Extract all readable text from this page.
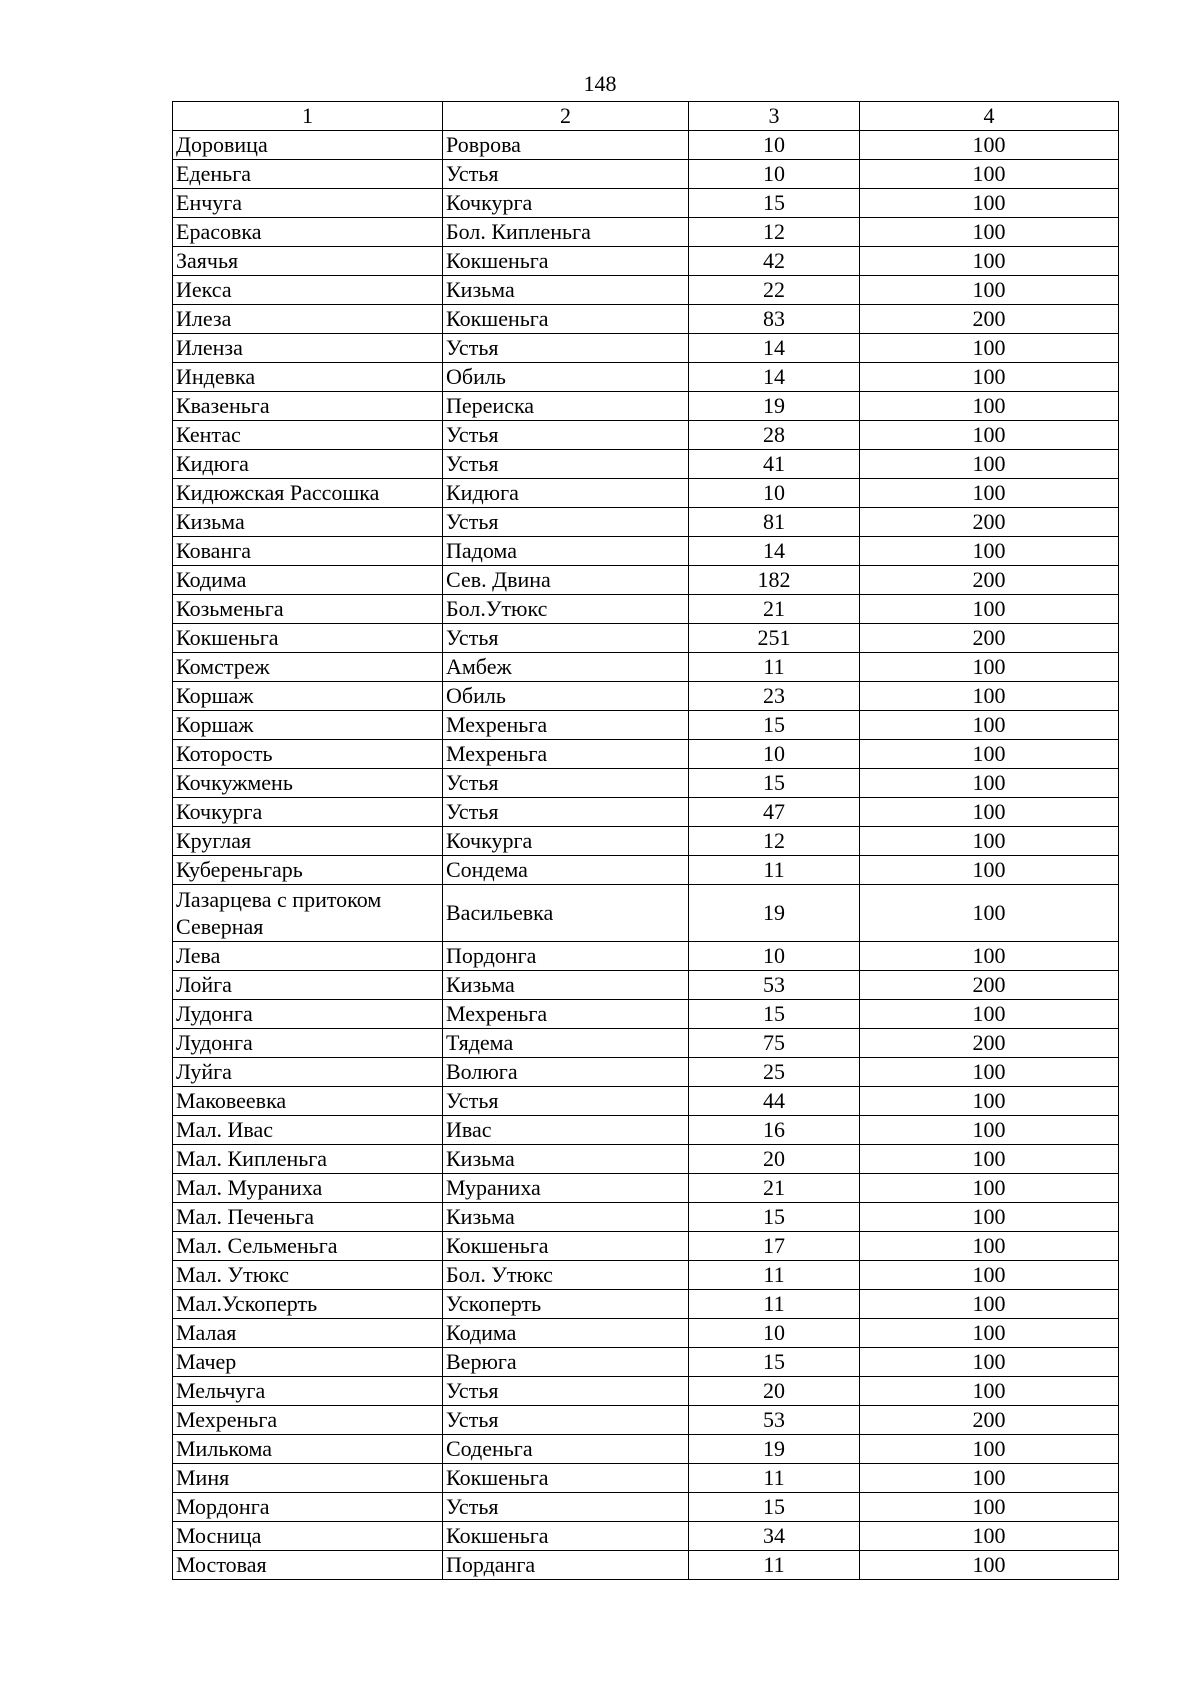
148
1	2	3	4
Доровица	Роврова	10	100
Еденьга	Устья	10	100
Енчуга	Кочкурга	15	100
Ерасовка	Бол. Кипленьга	12	100
Заячья	Кокшеньга	42	100
Иекса	Кизьма	22	100
Илеза	Кокшеньга	83	200
Иленза	Устья	14	100
Индевка	Обиль	14	100
Квазеньга	Переиска	19	100
Кентас	Устья	28	100
Кидюга	Устья	41	100
Кидюжская Рассошка	Кидюга	10	100
Кизьма	Устья	81	200
Кованга	Падома	14	100
Кодима	Сев. Двина	182	200
Козьменьга	Бол.Утюкс	21	100
Кокшеньга	Устья	251	200
Комстреж	Амбеж	11	100
Коршаж	Обиль	23	100
Коршаж	Мехреньга	15	100
Которость	Мехреньга	10	100
Кочкужмень	Устья	15	100
Кочкурга	Устья	47	100
Круглая	Кочкурга	12	100
Кубереньгарь	Сондема	11	100
Лазарцева с притоком Северная	Васильевка	19	100
Лева	Пордонга	10	100
Лойга	Кизьма	53	200
Лудонга	Мехреньга	15	100
Лудонга	Тядема	75	200
Луйга	Волюга	25	100
Маковеевка	Устья	44	100
Мал. Ивас	Ивас	16	100
Мал. Кипленьга	Кизьма	20	100
Мал. Мураниха	Мураниха	21	100
Мал. Печеньга	Кизьма	15	100
Мал. Сельменьга	Кокшеньга	17	100
Мал. Утюкс	Бол. Утюкс	11	100
Мал.Ускоперть	Ускоперть	11	100
Малая	Кодима	10	100
Мачер	Верюга	15	100
Мельчуга	Устья	20	100
Мехреньга	Устья	53	200
Милькома	Соденьга	19	100
Миня	Кокшеньга	11	100
Мордонга	Устья	15	100
Мосница	Кокшеньга	34	100
Мостовая	Порданга	11	100
